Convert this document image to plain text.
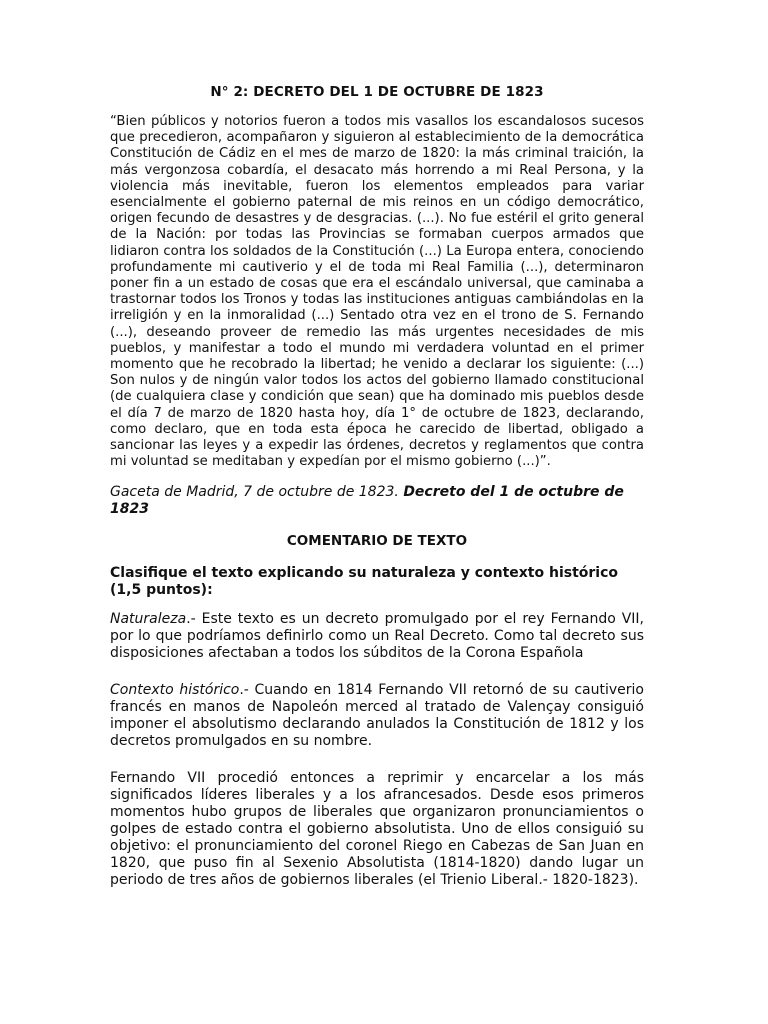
N° 2: DECRETO DEL 1 DE OCTUBRE DE 1823
“Bien públicos y notorios fueron a todos mis vasallos los escandalosos sucesos que precedieron, acompañaron y siguieron al establecimiento de la democrática Constitución de Cádiz en el mes de marzo de 1820: la más criminal traición, la más vergonzosa cobardía, el desacato más horrendo a mi Real Persona, y la violencia más inevitable, fueron los elementos empleados para variar esencialmente el gobierno paternal de mis reinos en un código democrático, origen fecundo de desastres y de desgracias. (...). No fue estéril el grito general de la Nación: por todas las Provincias se formaban cuerpos armados que lidiaron contra los soldados de la Constitución (...) La Europa entera, conociendo profundamente mi cautiverio y el de toda mi Real Familia (...), determinaron poner fin a un estado de cosas que era el escándalo universal, que caminaba a trastornar todos los Tronos y todas las instituciones antiguas cambiándolas en la irreligión y en la inmoralidad (...) Sentado otra vez en el trono de S. Fernando (...), deseando proveer de remedio las más urgentes necesidades de mis pueblos, y manifestar a todo el mundo mi verdadera voluntad en el primer momento que he recobrado la libertad; he venido a declarar los siguiente: (...) Son nulos y de ningún valor todos los actos del gobierno llamado constitucional (de cualquiera clase y condición que sean) que ha dominado mis pueblos desde el día 7 de marzo de 1820 hasta hoy, día 1° de octubre de 1823, declarando, como declaro, que en toda esta época he carecido de libertad, obligado a sancionar las leyes y a expedir las órdenes, decretos y reglamentos que contra mi voluntad se meditaban y expedían por el mismo gobierno (...)”.
Gaceta de Madrid, 7 de octubre de 1823. Decreto del 1 de octubre de 1823
COMENTARIO DE TEXTO
Clasifique el texto explicando su naturaleza y contexto histórico (1,5 puntos):
Naturaleza.- Este texto es un decreto promulgado por el rey Fernando VII, por lo que podríamos definirlo como un Real Decreto. Como tal decreto sus disposiciones afectaban a todos los súbditos de la Corona Española
Contexto histórico.- Cuando en 1814 Fernando VII retornó de su cautiverio francés en manos de Napoleón merced al tratado de Valençay consiguió imponer el absolutismo declarando anulados la Constitución de 1812 y los decretos promulgados en su nombre.
Fernando VII procedió entonces a reprimir y encarcelar a los más significados líderes liberales y a los afrancesados. Desde esos primeros momentos hubo grupos de liberales que organizaron pronunciamientos o golpes de estado contra el gobierno absolutista. Uno de ellos consiguió su objetivo: el pronunciamiento del coronel Riego en Cabezas de San Juan en 1820, que puso fin al Sexenio Absolutista (1814-1820) dando lugar un periodo de tres años de gobiernos liberales (el Trienio Liberal.- 1820-1823).
